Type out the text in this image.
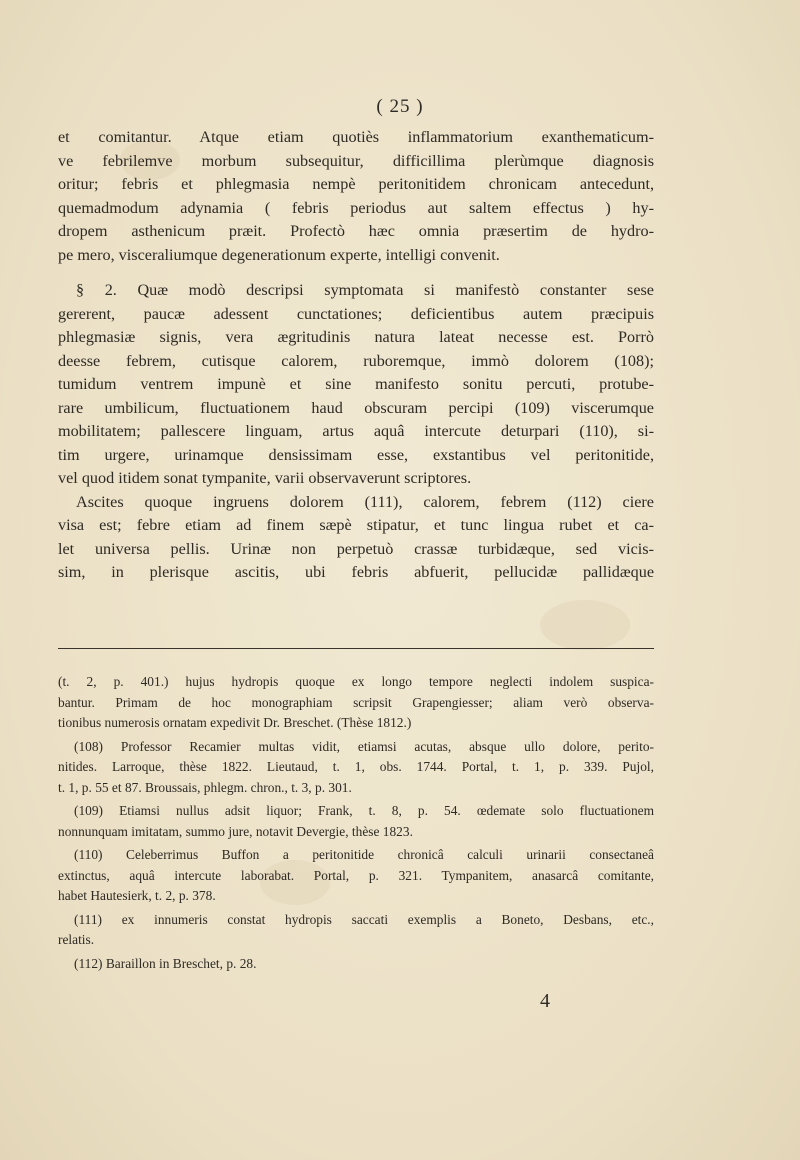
( 25 )
et comitantur. Atque etiam quotiès inflammatorium exanthematicum-
ve febrilemve morbum subsequitur, difficillima plerùmque diagnosis
oritur; febris et phlegmasia nempè peritonitidem chronicam antecedunt,
quemadmodum adynamia ( febris periodus aut saltem effectus ) hy-
dropem asthenicum præit. Profectò hæc omnia præsertim de hydro-
pe mero, visceraliumque degenerationum experte, intelligi convenit.
§ 2. Quæ modò descripsi symptomata si manifestò constanter sese
gererent, paucæ adessent cunctationes; deficientibus autem præcipuis
phlegmasiæ signis, vera ægritudinis natura lateat necesse est. Porrò
deesse febrem, cutisque calorem, ruboremque, immò dolorem (108);
tumidum ventrem impunè et sine manifesto sonitu percuti, protube-
rare umbilicum, fluctuationem haud obscuram percipi (109) viscerumque
mobilitatem; pallescere linguam, artus aquâ intercute deturpari (110), si-
tim urgere, urinamque densissimam esse, exstantibus vel peritonitide,
vel quod itidem sonat tympanite, varii observaverunt scriptores.
Ascites quoque ingruens dolorem (111), calorem, febrem (112) ciere
visa est; febre etiam ad finem sæpè stipatur, et tunc lingua rubet et ca-
let universa pellis. Urinæ non perpetuò crassæ turbidæque, sed vicis-
sim, in plerisque ascitis, ubi febris abfuerit, pellucidæ pallidæque
(t. 2, p. 401.) hujus hydropis quoque ex longo tempore neglecti indolem suspica-
bantur. Primam de hoc monographiam scripsit Grapengiesser; aliam verò observa-
tionibus numerosis ornatam expedivit Dr. Breschet. (Thèse 1812.)
(108) Professor Recamier multas vidit, etiamsi acutas, absque ullo dolore, perito-
nitides. Larroque, thèse 1822. Lieutaud, t. 1, obs. 1744. Portal, t. 1, p. 339. Pujol,
t. 1, p. 55 et 87. Broussais, phlegm. chron., t. 3, p. 301.
(109) Etiamsi nullus adsit liquor; Frank, t. 8, p. 54. œdemate solo fluctuationem
nonnunquam imitatam, summo jure, notavit Devergie, thèse 1823.
(110) Celeberrimus Buffon a peritonitide chronicâ calculi urinarii consectaneâ
extinctus, aquâ intercute laborabat. Portal, p. 321. Tympanitem, anasarcâ comitante,
habet Hautesierk, t. 2, p. 378.
(111) ex innumeris constat hydropis saccati exemplis a Boneto, Desbans, etc.,
relatis.
(112) Baraillon in Breschet, p. 28.
4
